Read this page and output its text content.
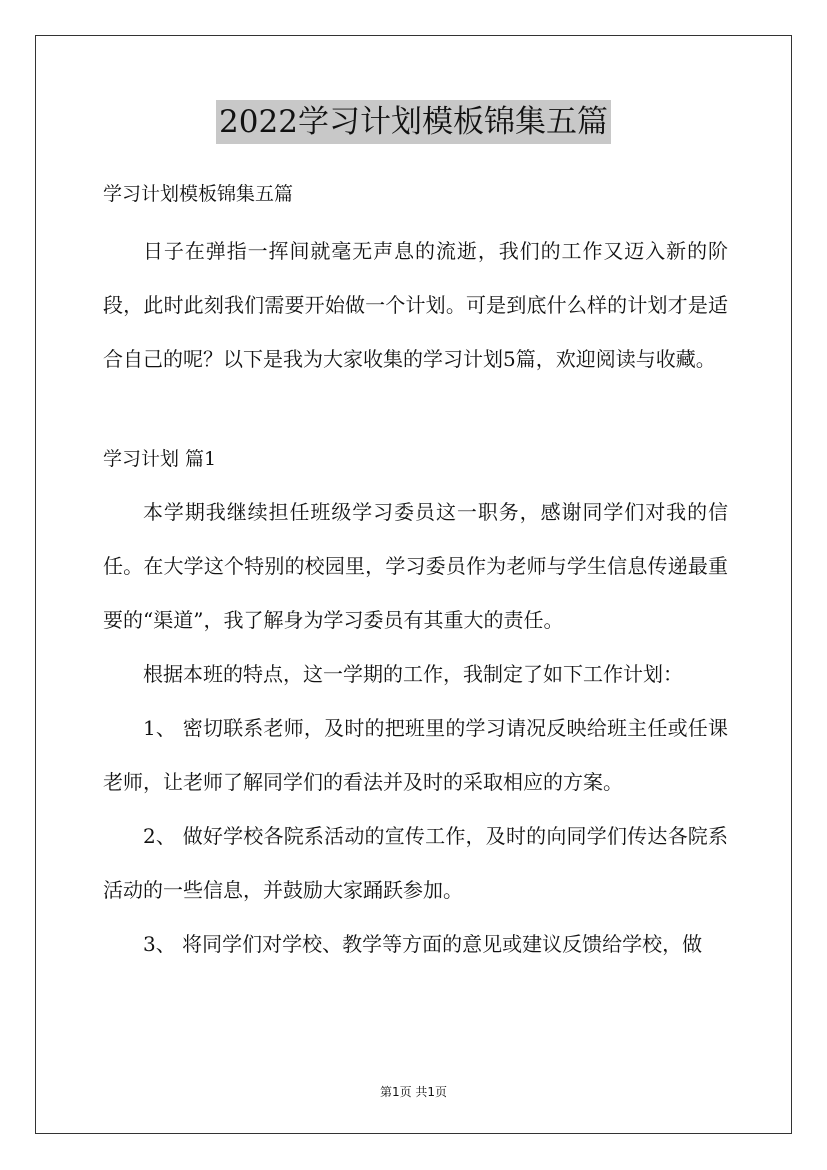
2022学习计划模板锦集五篇

学习计划模板锦集五篇

日子在弹指一挥间就毫无声息的流逝，我们的工作又迈入新的阶段，此时此刻我们需要开始做一个计划。可是到底什么样的计划才是适合自己的呢？以下是我为大家收集的学习计划5篇，欢迎阅读与收藏。

学习计划 篇1

本学期我继续担任班级学习委员这一职务，感谢同学们对我的信任。在大学这个特别的校园里，学习委员作为老师与学生信息传递最重要的“渠道”，我了解身为学习委员有其重大的责任。

根据本班的特点，这一学期的工作，我制定了如下工作计划：

1、 密切联系老师，及时的把班里的学习请况反映给班主任或任课老师，让老师了解同学们的看法并及时的采取相应的方案。

2、 做好学校各院系活动的宣传工作，及时的向同学们传达各院系活动的一些信息，并鼓励大家踊跃参加。

3、 将同学们对学校、教学等方面的意见或建议反馈给学校，做

第1页 共1页
